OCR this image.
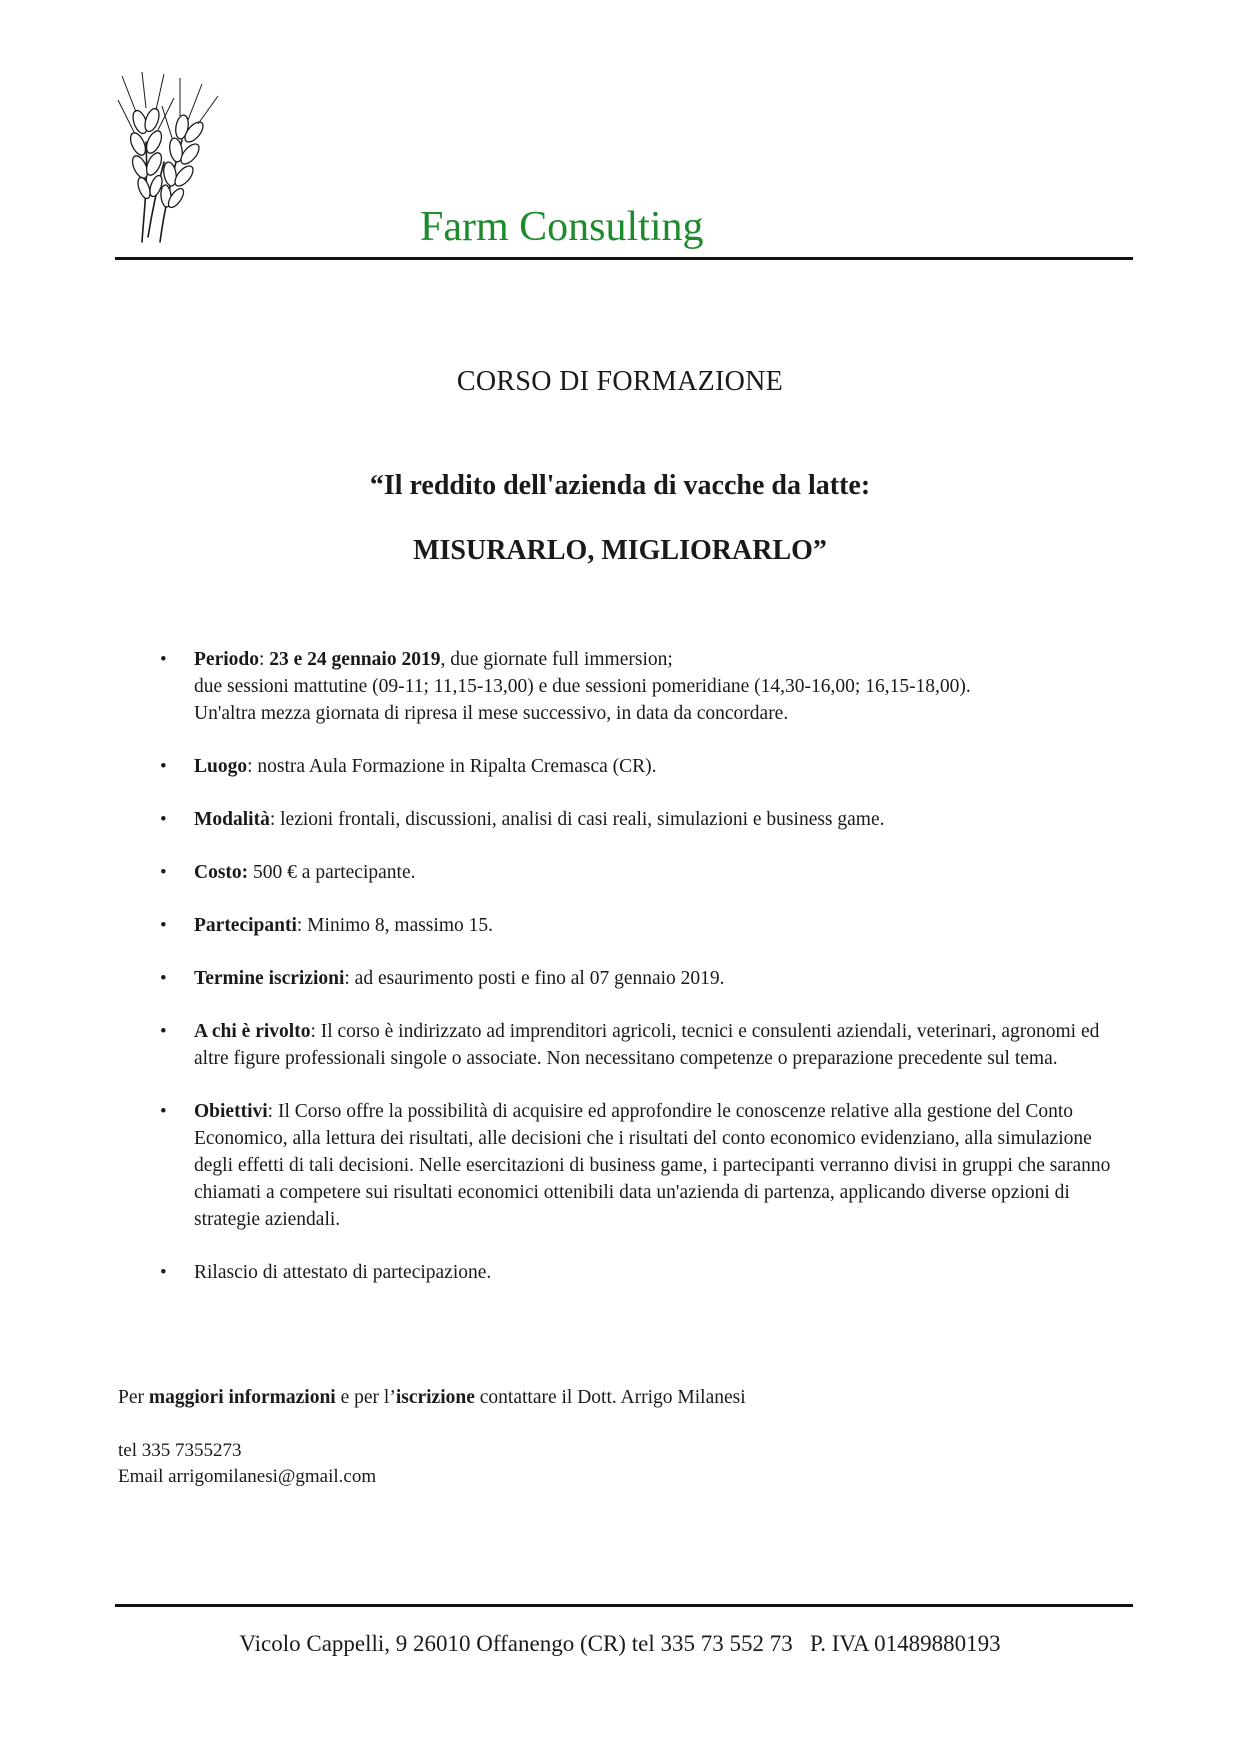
Farm Consulting
CORSO DI FORMAZIONE
“Il reddito dell'azienda di vacche da latte:
MISURARLO, MIGLIORARLO”
• Periodo: 23 e 24 gennaio 2019, due giornate full immersion;
due sessioni mattutine (09-11; 11,15-13,00) e due sessioni pomeridiane (14,30-16,00; 16,15-18,00).
Un'altra mezza giornata di ripresa il mese successivo, in data da concordare.
• Luogo: nostra Aula Formazione in Ripalta Cremasca (CR).
• Modalità: lezioni frontali, discussioni, analisi di casi reali, simulazioni e business game.
• Costo: 500 € a partecipante.
• Partecipanti: Minimo 8, massimo 15.
• Termine iscrizioni: ad esaurimento posti e fino al 07 gennaio 2019.
• A chi è rivolto: Il corso è indirizzato ad imprenditori agricoli, tecnici e consulenti aziendali, veterinari, agronomi ed altre figure professionali singole o associate. Non necessitano competenze o preparazione precedente sul tema.
• Obiettivi: Il Corso offre la possibilità di acquisire ed approfondire le conoscenze relative alla gestione del Conto Economico, alla lettura dei risultati, alle decisioni che i risultati del conto economico evidenziano, alla simulazione degli effetti di tali decisioni. Nelle esercitazioni di business game, i partecipanti verranno divisi in gruppi che saranno chiamati a competere sui risultati economici ottenibili data un'azienda di partenza, applicando diverse opzioni di strategie aziendali.
• Rilascio di attestato di partecipazione.
Per maggiori informazioni e per l’iscrizione contattare il Dott. Arrigo Milanesi
tel 335 7355273
Email arrigomilanesi@gmail.com
Vicolo Cappelli, 9 26010 Offanengo (CR) tel 335 73 552 73   P. IVA 01489880193
